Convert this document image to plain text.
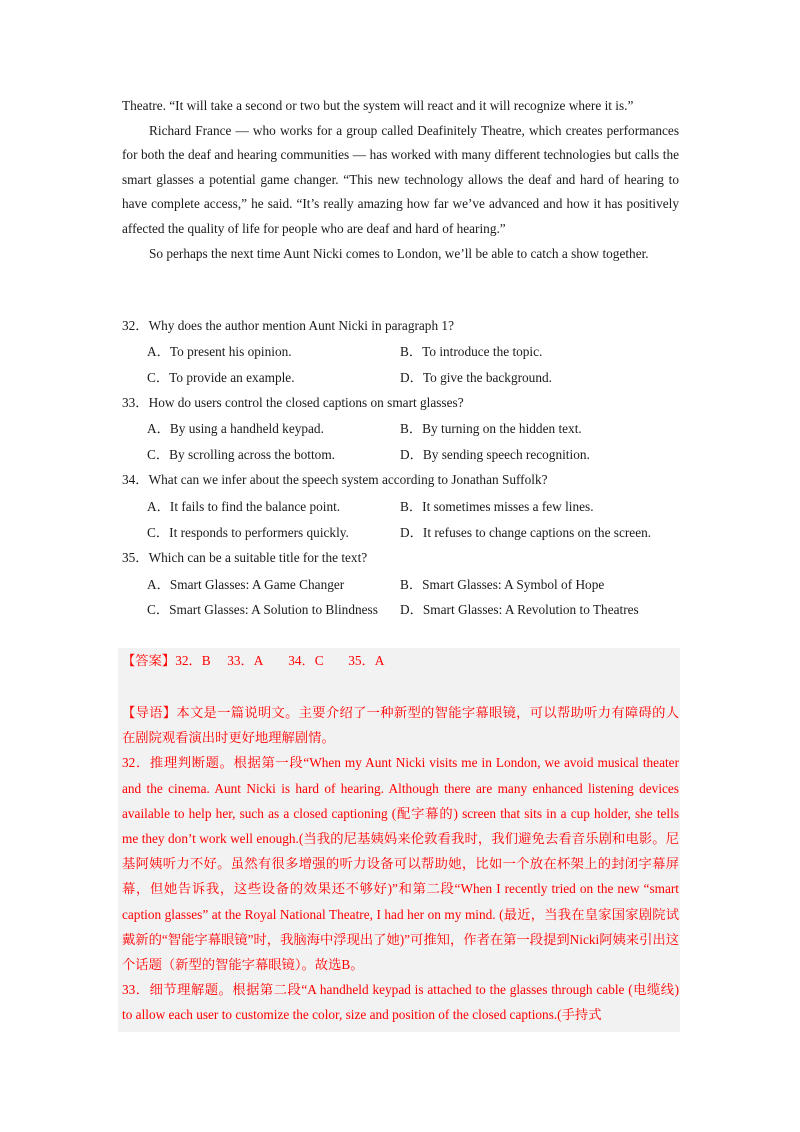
Theatre. “It will take a second or two but the system will react and it will recognize where it is.”

Richard France — who works for a group called Deafinitely Theatre, which creates performances for both the deaf and hearing communities — has worked with many different technologies but calls the smart glasses a potential game changer. “This new technology allows the deaf and hard of hearing to have complete access,” he said. “It’s really amazing how far we’ve advanced and how it has positively affected the quality of life for people who are deaf and hard of hearing.”

So perhaps the next time Aunt Nicki comes to London, we’ll be able to catch a show together.

32．Why does the author mention Aunt Nicki in paragraph 1?
A．To present his opinion.	B．To introduce the topic.
C．To provide an example.	D．To give the background.
33．How do users control the closed captions on smart glasses?
A．By using a handheld keypad.	B．By turning on the hidden text.
C．By scrolling across the bottom.	D．By sending speech recognition.
34．What can we infer about the speech system according to Jonathan Suffolk?
A．It fails to find the balance point.	B．It sometimes misses a few lines.
C．It responds to performers quickly.	D．It refuses to change captions on the screen.
35．Which can be a suitable title for the text?
A．Smart Glasses: A Game Changer	B．Smart Glasses: A Symbol of Hope
C．Smart Glasses: A Solution to Blindness D．Smart Glasses: A Revolution to Theatres
【答案】32．B 33．A 34．C 35．A

【导语】本文是一篇说明文。主要介绍了一种新型的智能字幕眼镜，可以帮助听力有障碍的人在剧院观看演出时更好地理解剧情。

32．推理判断题。根据第一段“When my Aunt Nicki visits me in London, we avoid musical theater and the cinema. Aunt Nicki is hard of hearing. Although there are many enhanced listening devices available to help her, such as a closed captioning (配字幕的) screen that sits in a cup holder, she tells me they don’t work well enough.(当我的尼基姨妈来伦敦看我时，我们避免去看音乐剧和电影。尼基阿姨听力不好。虽然有很多增强的听力设备可以帮助她，比如一个放在杯架上的封闭字幕屏幕，但她告诉我，这些设备的效果还不够好)”和第二段“When I recently tried on the new “smart caption glasses” at the Royal National Theatre, I had her on my mind. (最近，当我在皇家国家剧院试戴新的“智能字幕眼镜”时，我脑海中浮现出了她)”可推知，作者在第一段提到Nicki阿姨来引出这个话题（新型的智能字幕眼镜）。故选B。

33．细节理解题。根据第二段“A handheld keypad is attached to the glasses through cable (电缆线) to allow each user to customize the color, size and position of the closed captions.(手持式
